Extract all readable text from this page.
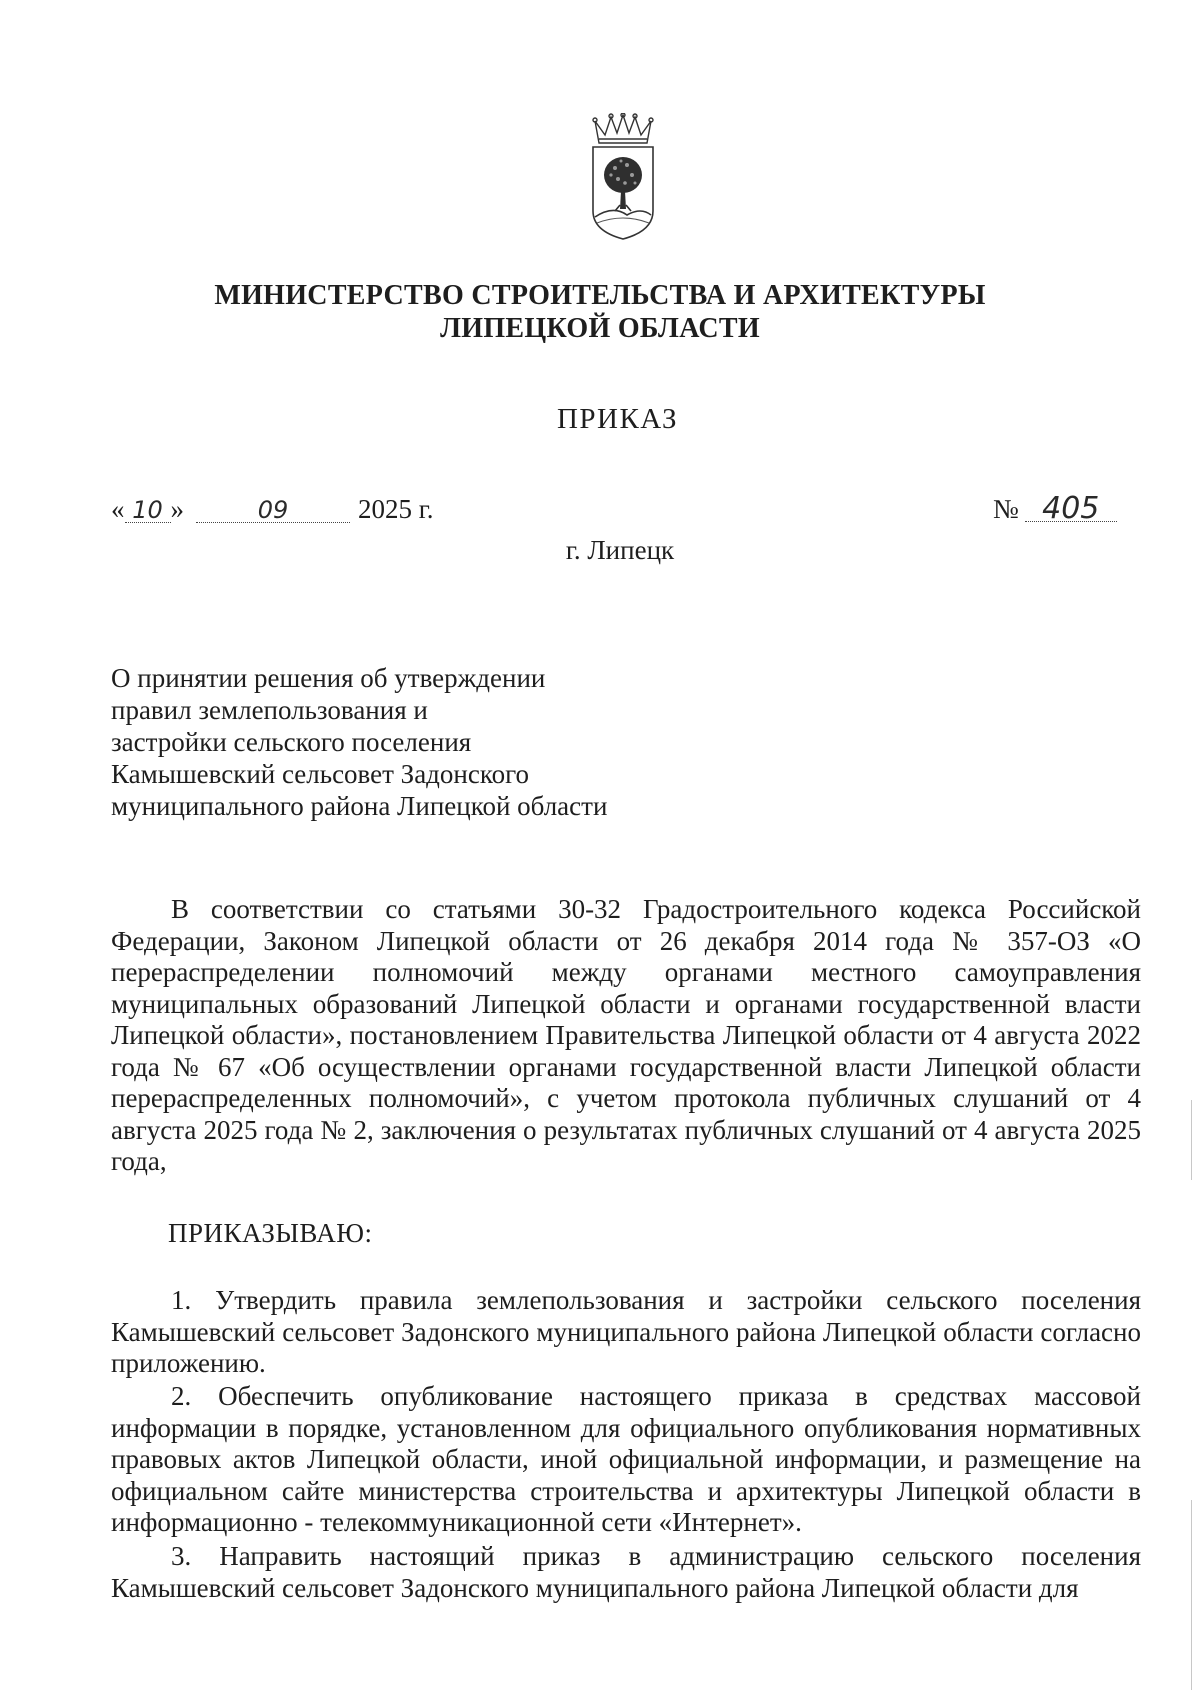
МИНИСТЕРСТВО СТРОИТЕЛЬСТВА И АРХИТЕКТУРЫ
ЛИПЕЦКОЙ ОБЛАСТИ
ПРИКАЗ
« 10 »	09	2025 г.	№ 405
г. Липецк
О принятии решения об утверждении
правил землепользования и
застройки сельского поселения
Камышевский сельсовет Задонского
муниципального района Липецкой области
В соответствии со статьями 30-32 Градостроительного кодекса Российской Федерации, Законом Липецкой области от 26 декабря 2014 года № 357-ОЗ «О перераспределении полномочий между органами местного самоуправления муниципальных образований Липецкой области и органами государственной власти Липецкой области», постановлением Правительства Липецкой области от 4 августа 2022 года № 67 «Об осуществлении органами государственной власти Липецкой области перераспределенных полномочий», с учетом протокола публичных слушаний от 4 августа 2025 года № 2, заключения о результатах публичных слушаний от 4 августа 2025 года,
ПРИКАЗЫВАЮ:
1. Утвердить правила землепользования и застройки сельского поселения Камышевский сельсовет Задонского муниципального района Липецкой области согласно приложению.
2. Обеспечить опубликование настоящего приказа в средствах массовой информации в порядке, установленном для официального опубликования нормативных правовых актов Липецкой области, иной официальной информации, и размещение на официальном сайте министерства строительства и архитектуры Липецкой области в информационно - телекоммуникационной сети «Интернет».
3. Направить настоящий приказ в администрацию сельского поселения Камышевский сельсовет Задонского муниципального района Липецкой области для
